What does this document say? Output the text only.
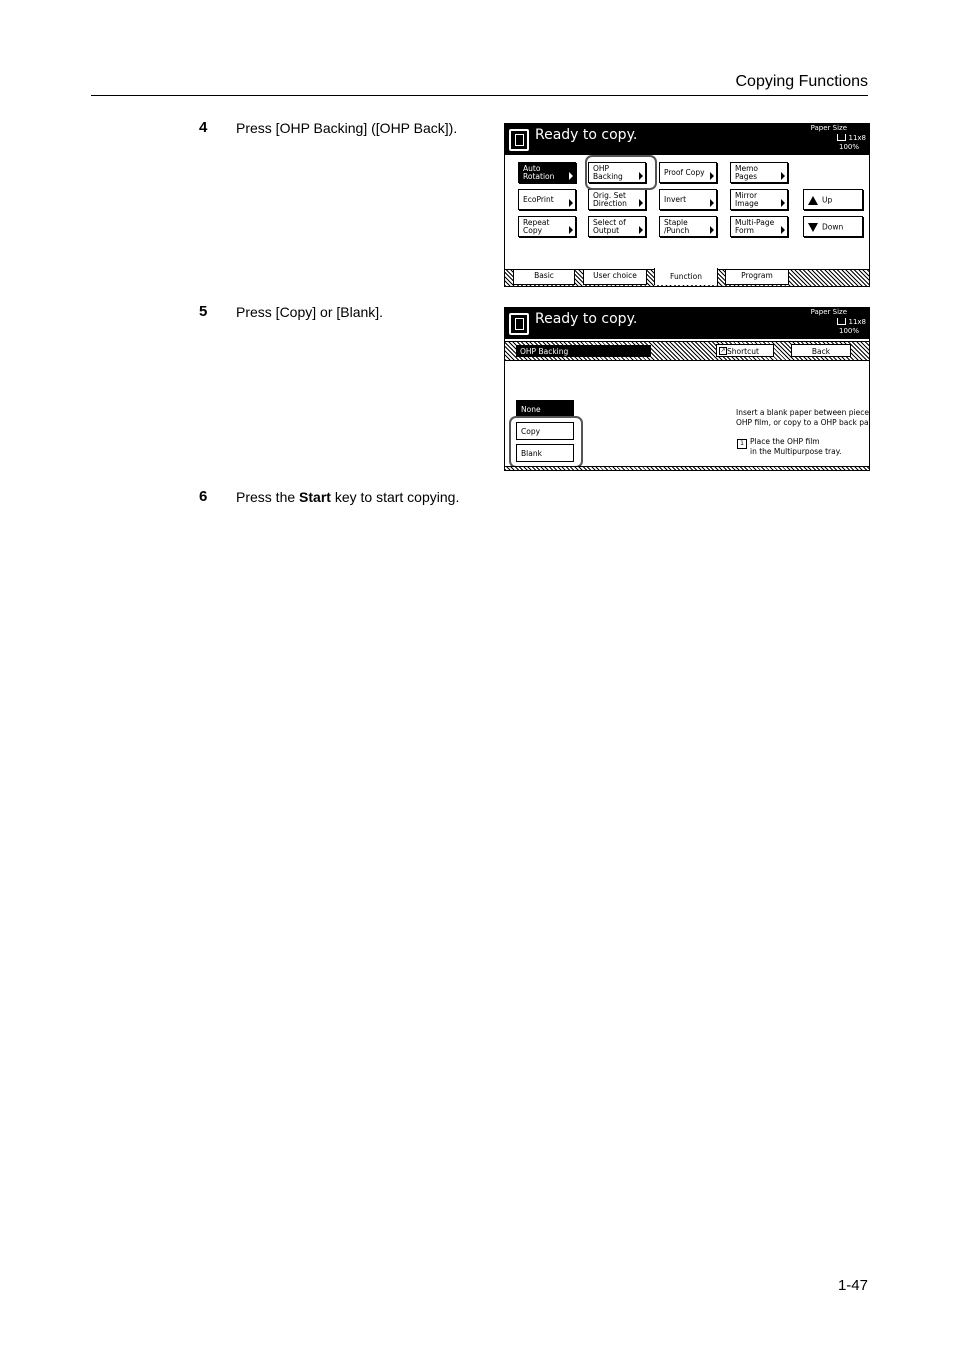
Copying Functions
4 Press [OHP Backing] ([OHP Back]).	Ready to copy.	Paper Size
11x8
100%
Auto
Rotation
OHP
Backing	Proof Copy	Memo
Pages
EcoPrint	Orig. Set
Direction	Invert	Mirror
Image
Repeat
Copy
Select of
Output
Staple
/Punch
Multi-Page
Form
Up
Down
Basic	User choice	Function	Program
5 Press [Copy] or [Blank].	Ready to copy.	Paper Size
11x8
100%
OHP Backing	↗Shortcut	Back
None
Copy
Blank
Insert a blank paper between piece
OHP film, or copy to a OHP back pa
1 Place the OHP film
in the Multipurpose tray.
6 Press the Start key to start copying.
1-47
